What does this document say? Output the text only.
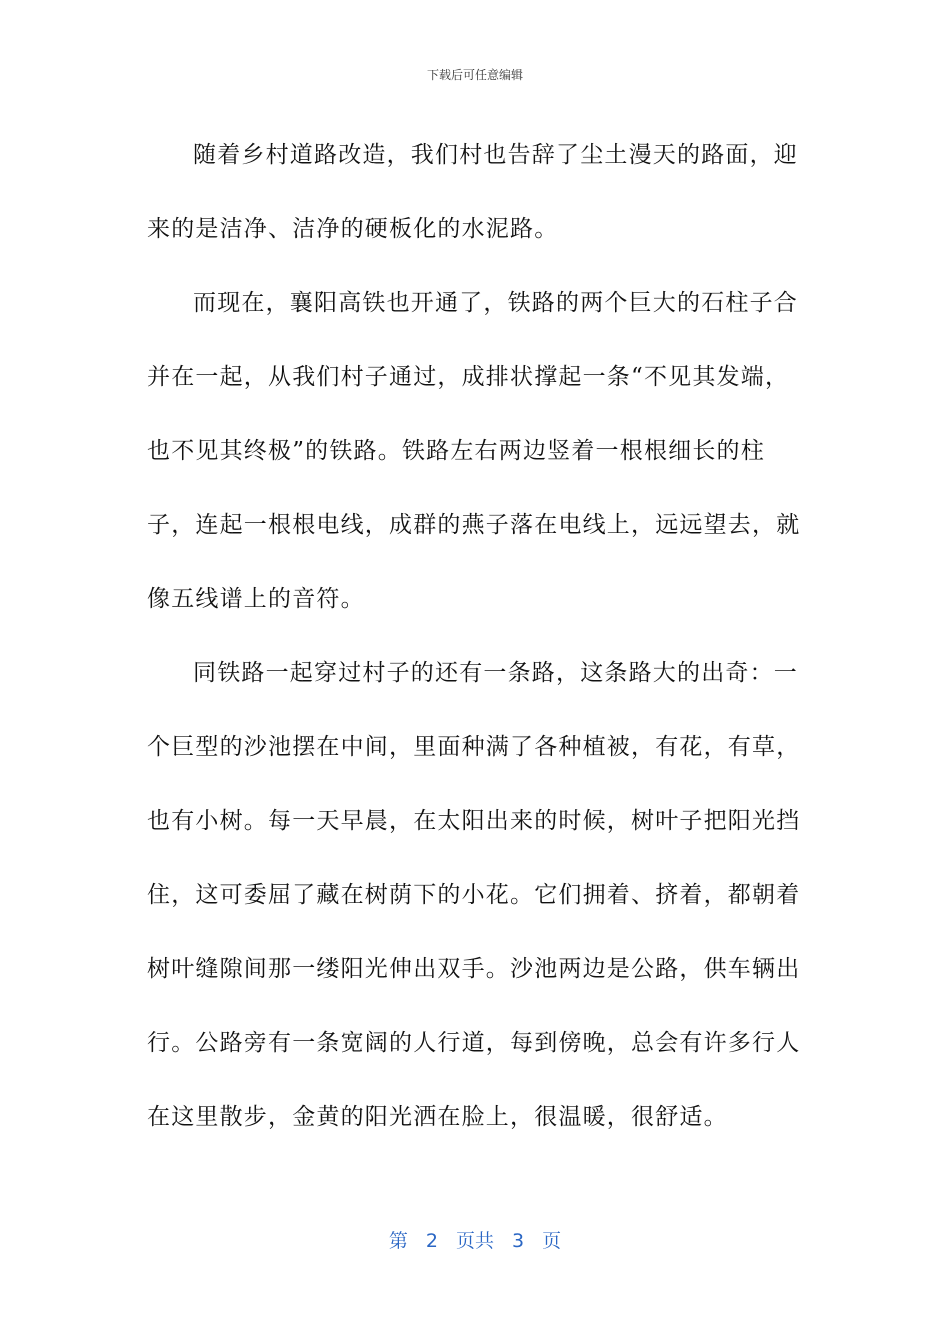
下载后可任意编辑

随着乡村道路改造，我们村也告辞了尘土漫天的路面，迎来的是洁净、洁净的硬板化的水泥路。

而现在，襄阳高铁也开通了，铁路的两个巨大的石柱子合并在一起，从我们村子通过，成排状撑起一条“不见其发端，也不见其终极”的铁路。铁路左右两边竖着一根根细长的柱子，连起一根根电线，成群的燕子落在电线上，远远望去，就像五线谱上的音符。

同铁路一起穿过村子的还有一条路，这条路大的出奇：一个巨型的沙池摆在中间，里面种满了各种植被，有花，有草，也有小树。每一天早晨，在太阳出来的时候，树叶子把阳光挡住，这可委屈了藏在树荫下的小花。它们拥着、挤着，都朝着树叶缝隙间那一缕阳光伸出双手。沙池两边是公路，供车辆出行。公路旁有一条宽阔的人行道，每到傍晚，总会有许多行人在这里散步，金黄的阳光洒在脸上，很温暖，很舒适。

第 2 页共 3 页
